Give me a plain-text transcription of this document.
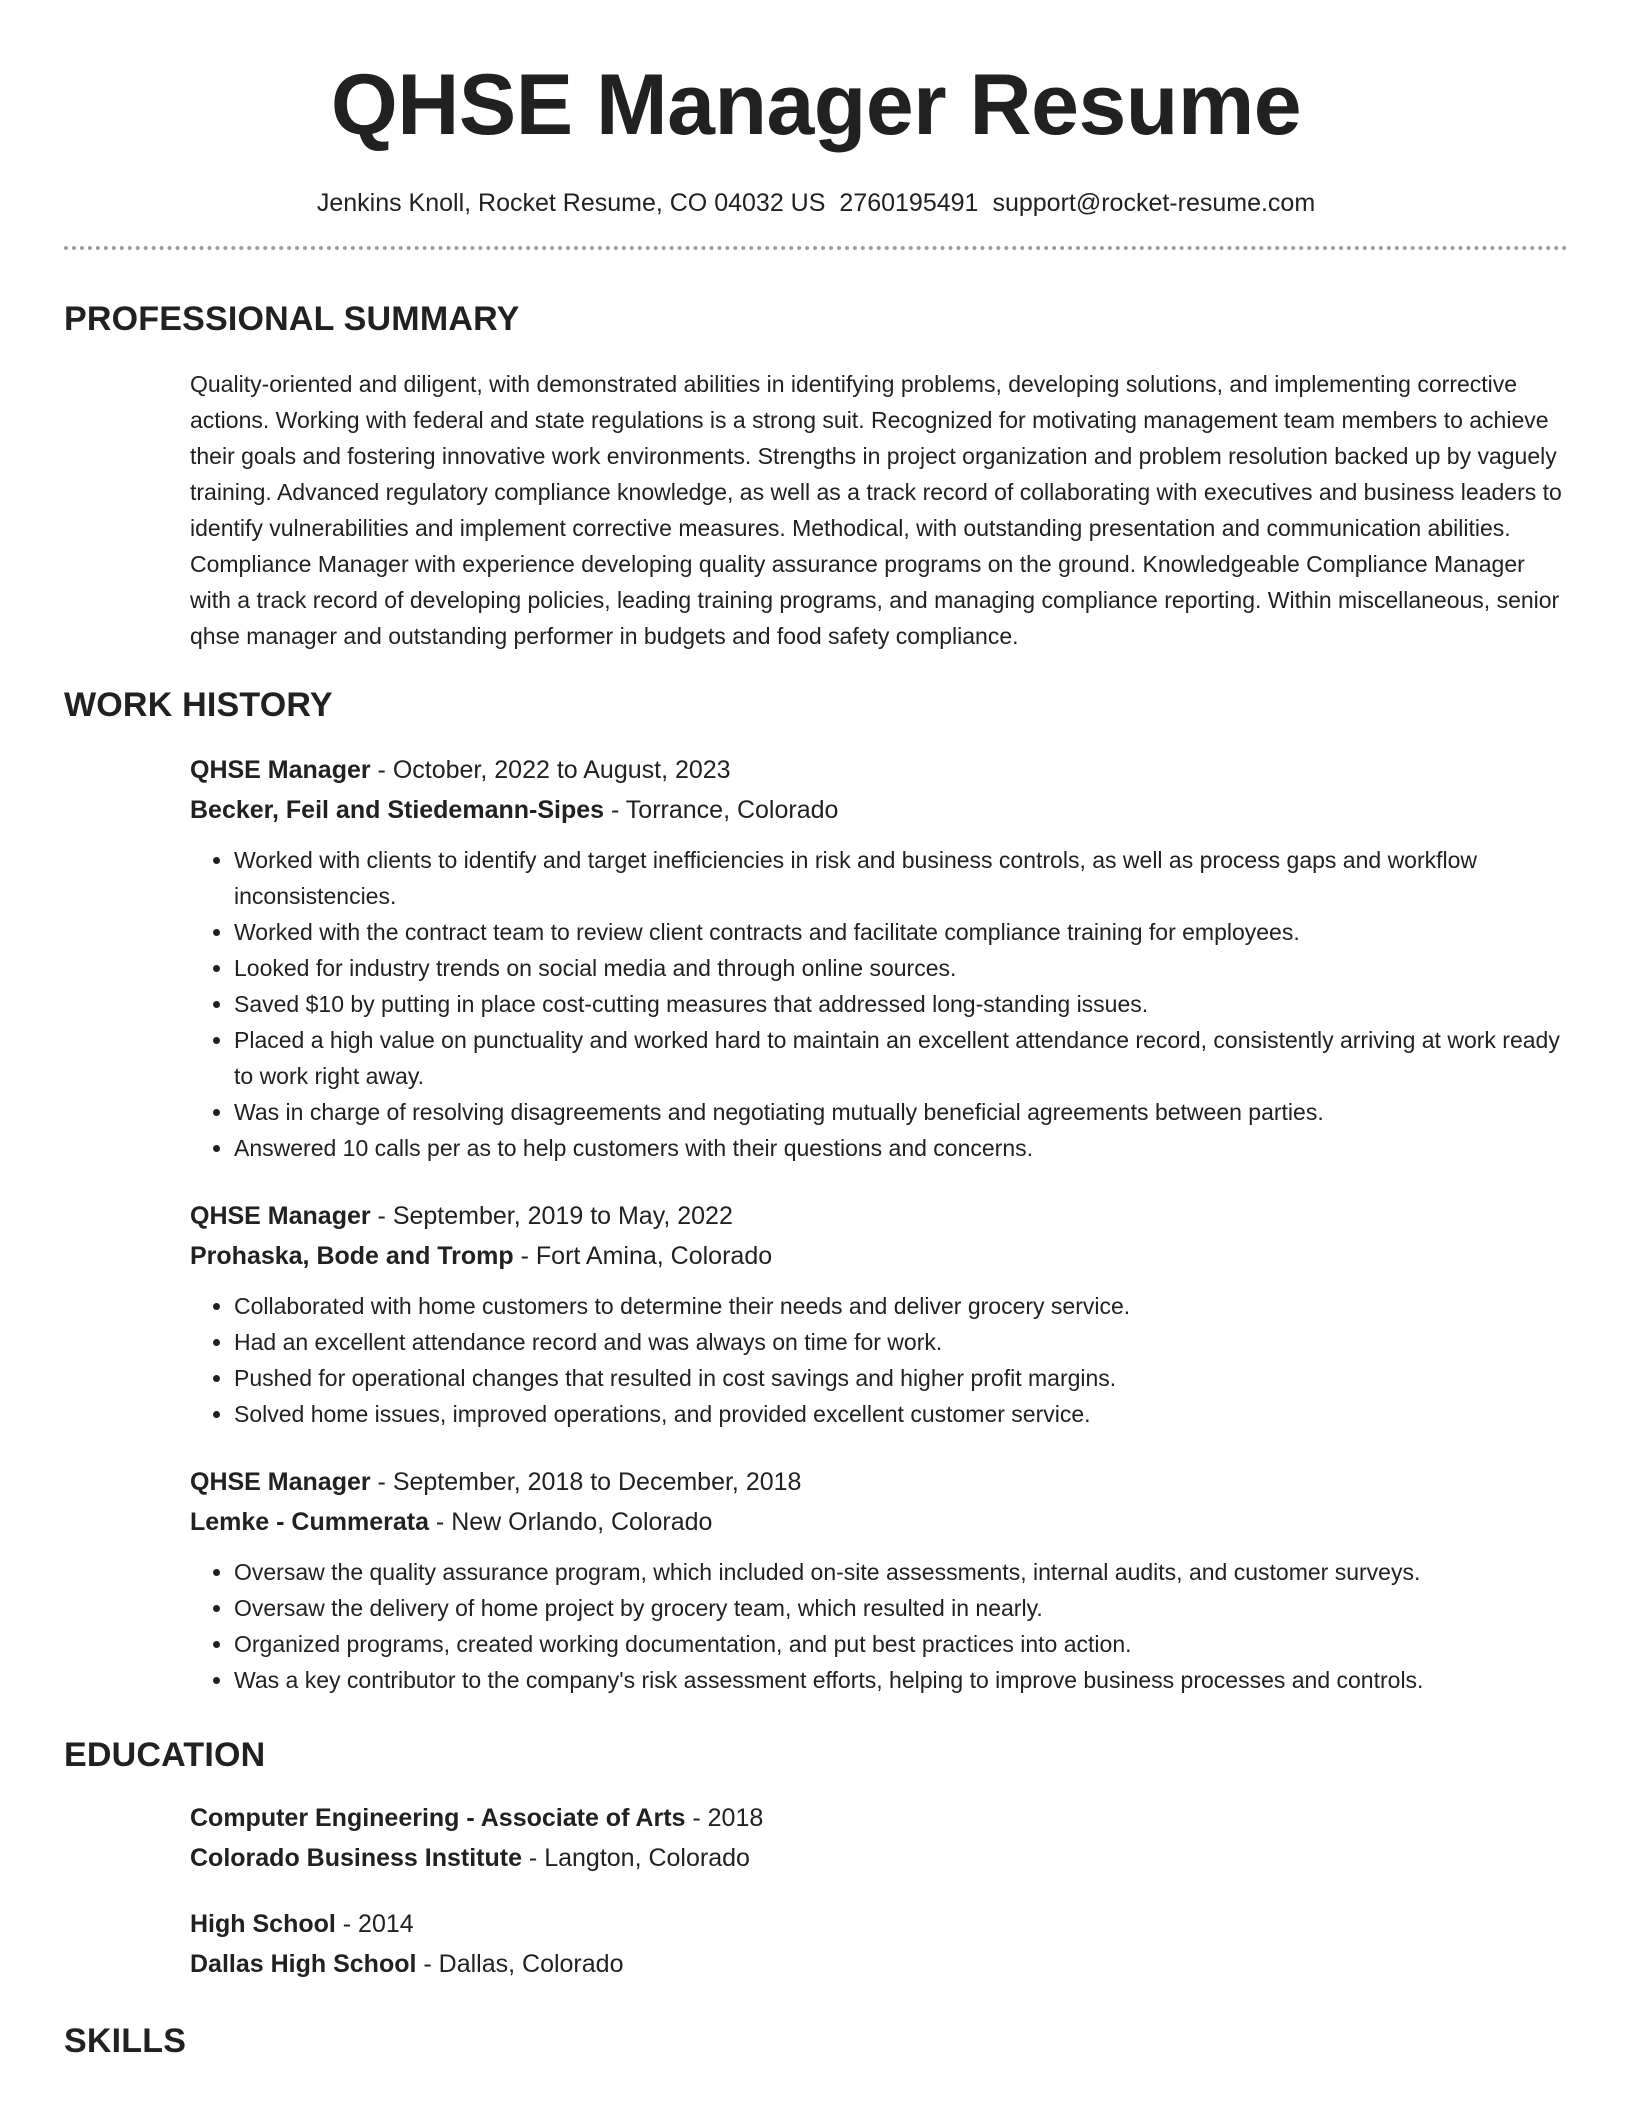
QHSE Manager Resume
Jenkins Knoll, Rocket Resume, CO 04032 US 2760195491 support@rocket-resume.com
PROFESSIONAL SUMMARY
Quality-oriented and diligent, with demonstrated abilities in identifying problems, developing solutions, and implementing corrective actions. Working with federal and state regulations is a strong suit. Recognized for motivating management team members to achieve their goals and fostering innovative work environments. Strengths in project organization and problem resolution backed up by vaguely training. Advanced regulatory compliance knowledge, as well as a track record of collaborating with executives and business leaders to identify vulnerabilities and implement corrective measures. Methodical, with outstanding presentation and communication abilities. Compliance Manager with experience developing quality assurance programs on the ground. Knowledgeable Compliance Manager with a track record of developing policies, leading training programs, and managing compliance reporting. Within miscellaneous, senior qhse manager and outstanding performer in budgets and food safety compliance.
WORK HISTORY
QHSE Manager - October, 2022 to August, 2023
Becker, Feil and Stiedemann-Sipes - Torrance, Colorado
• Worked with clients to identify and target inefficiencies in risk and business controls, as well as process gaps and workflow inconsistencies.
• Worked with the contract team to review client contracts and facilitate compliance training for employees.
• Looked for industry trends on social media and through online sources.
• Saved $10 by putting in place cost-cutting measures that addressed long-standing issues.
• Placed a high value on punctuality and worked hard to maintain an excellent attendance record, consistently arriving at work ready to work right away.
• Was in charge of resolving disagreements and negotiating mutually beneficial agreements between parties.
• Answered 10 calls per as to help customers with their questions and concerns.
QHSE Manager - September, 2019 to May, 2022
Prohaska, Bode and Tromp - Fort Amina, Colorado
• Collaborated with home customers to determine their needs and deliver grocery service.
• Had an excellent attendance record and was always on time for work.
• Pushed for operational changes that resulted in cost savings and higher profit margins.
• Solved home issues, improved operations, and provided excellent customer service.
QHSE Manager - September, 2018 to December, 2018
Lemke - Cummerata - New Orlando, Colorado
• Oversaw the quality assurance program, which included on-site assessments, internal audits, and customer surveys.
• Oversaw the delivery of home project by grocery team, which resulted in nearly.
• Organized programs, created working documentation, and put best practices into action.
• Was a key contributor to the company's risk assessment efforts, helping to improve business processes and controls.
EDUCATION
Computer Engineering - Associate of Arts - 2018
Colorado Business Institute - Langton, Colorado
High School - 2014
Dallas High School - Dallas, Colorado
SKILLS
